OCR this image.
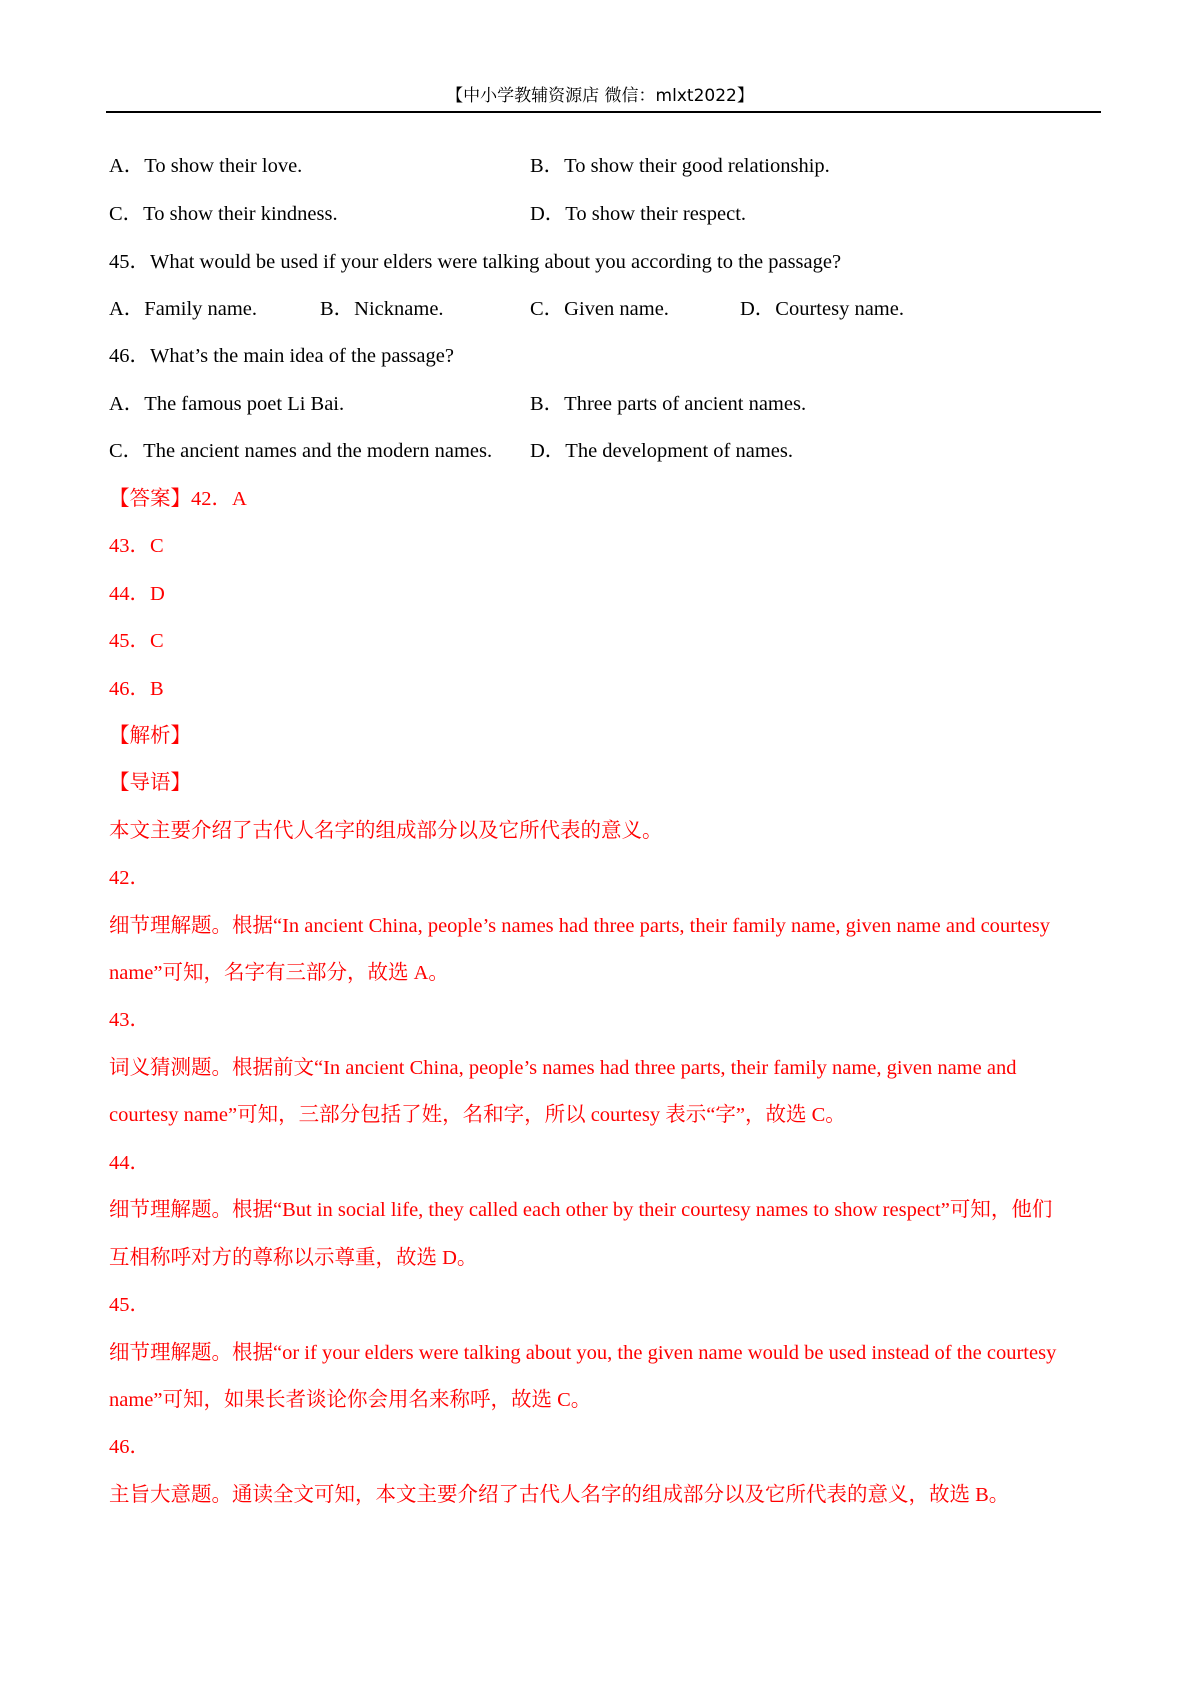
【中小学教辅资源店 微信：mlxt2022】
A．To show their love.	B．To show their good relationship.
C．To show their kindness.	D．To show their respect.
45．What would be used if your elders were talking about you according to the passage?
A．Family name.	B．Nickname.	C．Given name.	D．Courtesy name.
46．What’s the main idea of the passage?
A．The famous poet Li Bai.	B．Three parts of ancient names.
C．The ancient names and the modern names. D．The development of names.
【答案】42．A
43．C
44．D
45．C
46．B
【解析】
【导语】
本文主要介绍了古代人名字的组成部分以及它所代表的意义。
42．
细节理解题。根据“In ancient China, people’s names had three parts, their family name, given name and courtesy
name”可知，名字有三部分，故选 A。
43．
词义猜测题。根据前文“In ancient China, people’s names had three parts, their family name, given name and
courtesy name”可知，三部分包括了姓，名和字，所以 courtesy 表示“字”，故选 C。
44．
细节理解题。根据“But in social life, they called each other by their courtesy names to show respect”可知，他们
互相称呼对方的尊称以示尊重，故选 D。
45．
细节理解题。根据“or if your elders were talking about you, the given name would be used instead of the courtesy
name”可知，如果长者谈论你会用名来称呼，故选 C。
46．
主旨大意题。通读全文可知，本文主要介绍了古代人名字的组成部分以及它所代表的意义，故选 B。
